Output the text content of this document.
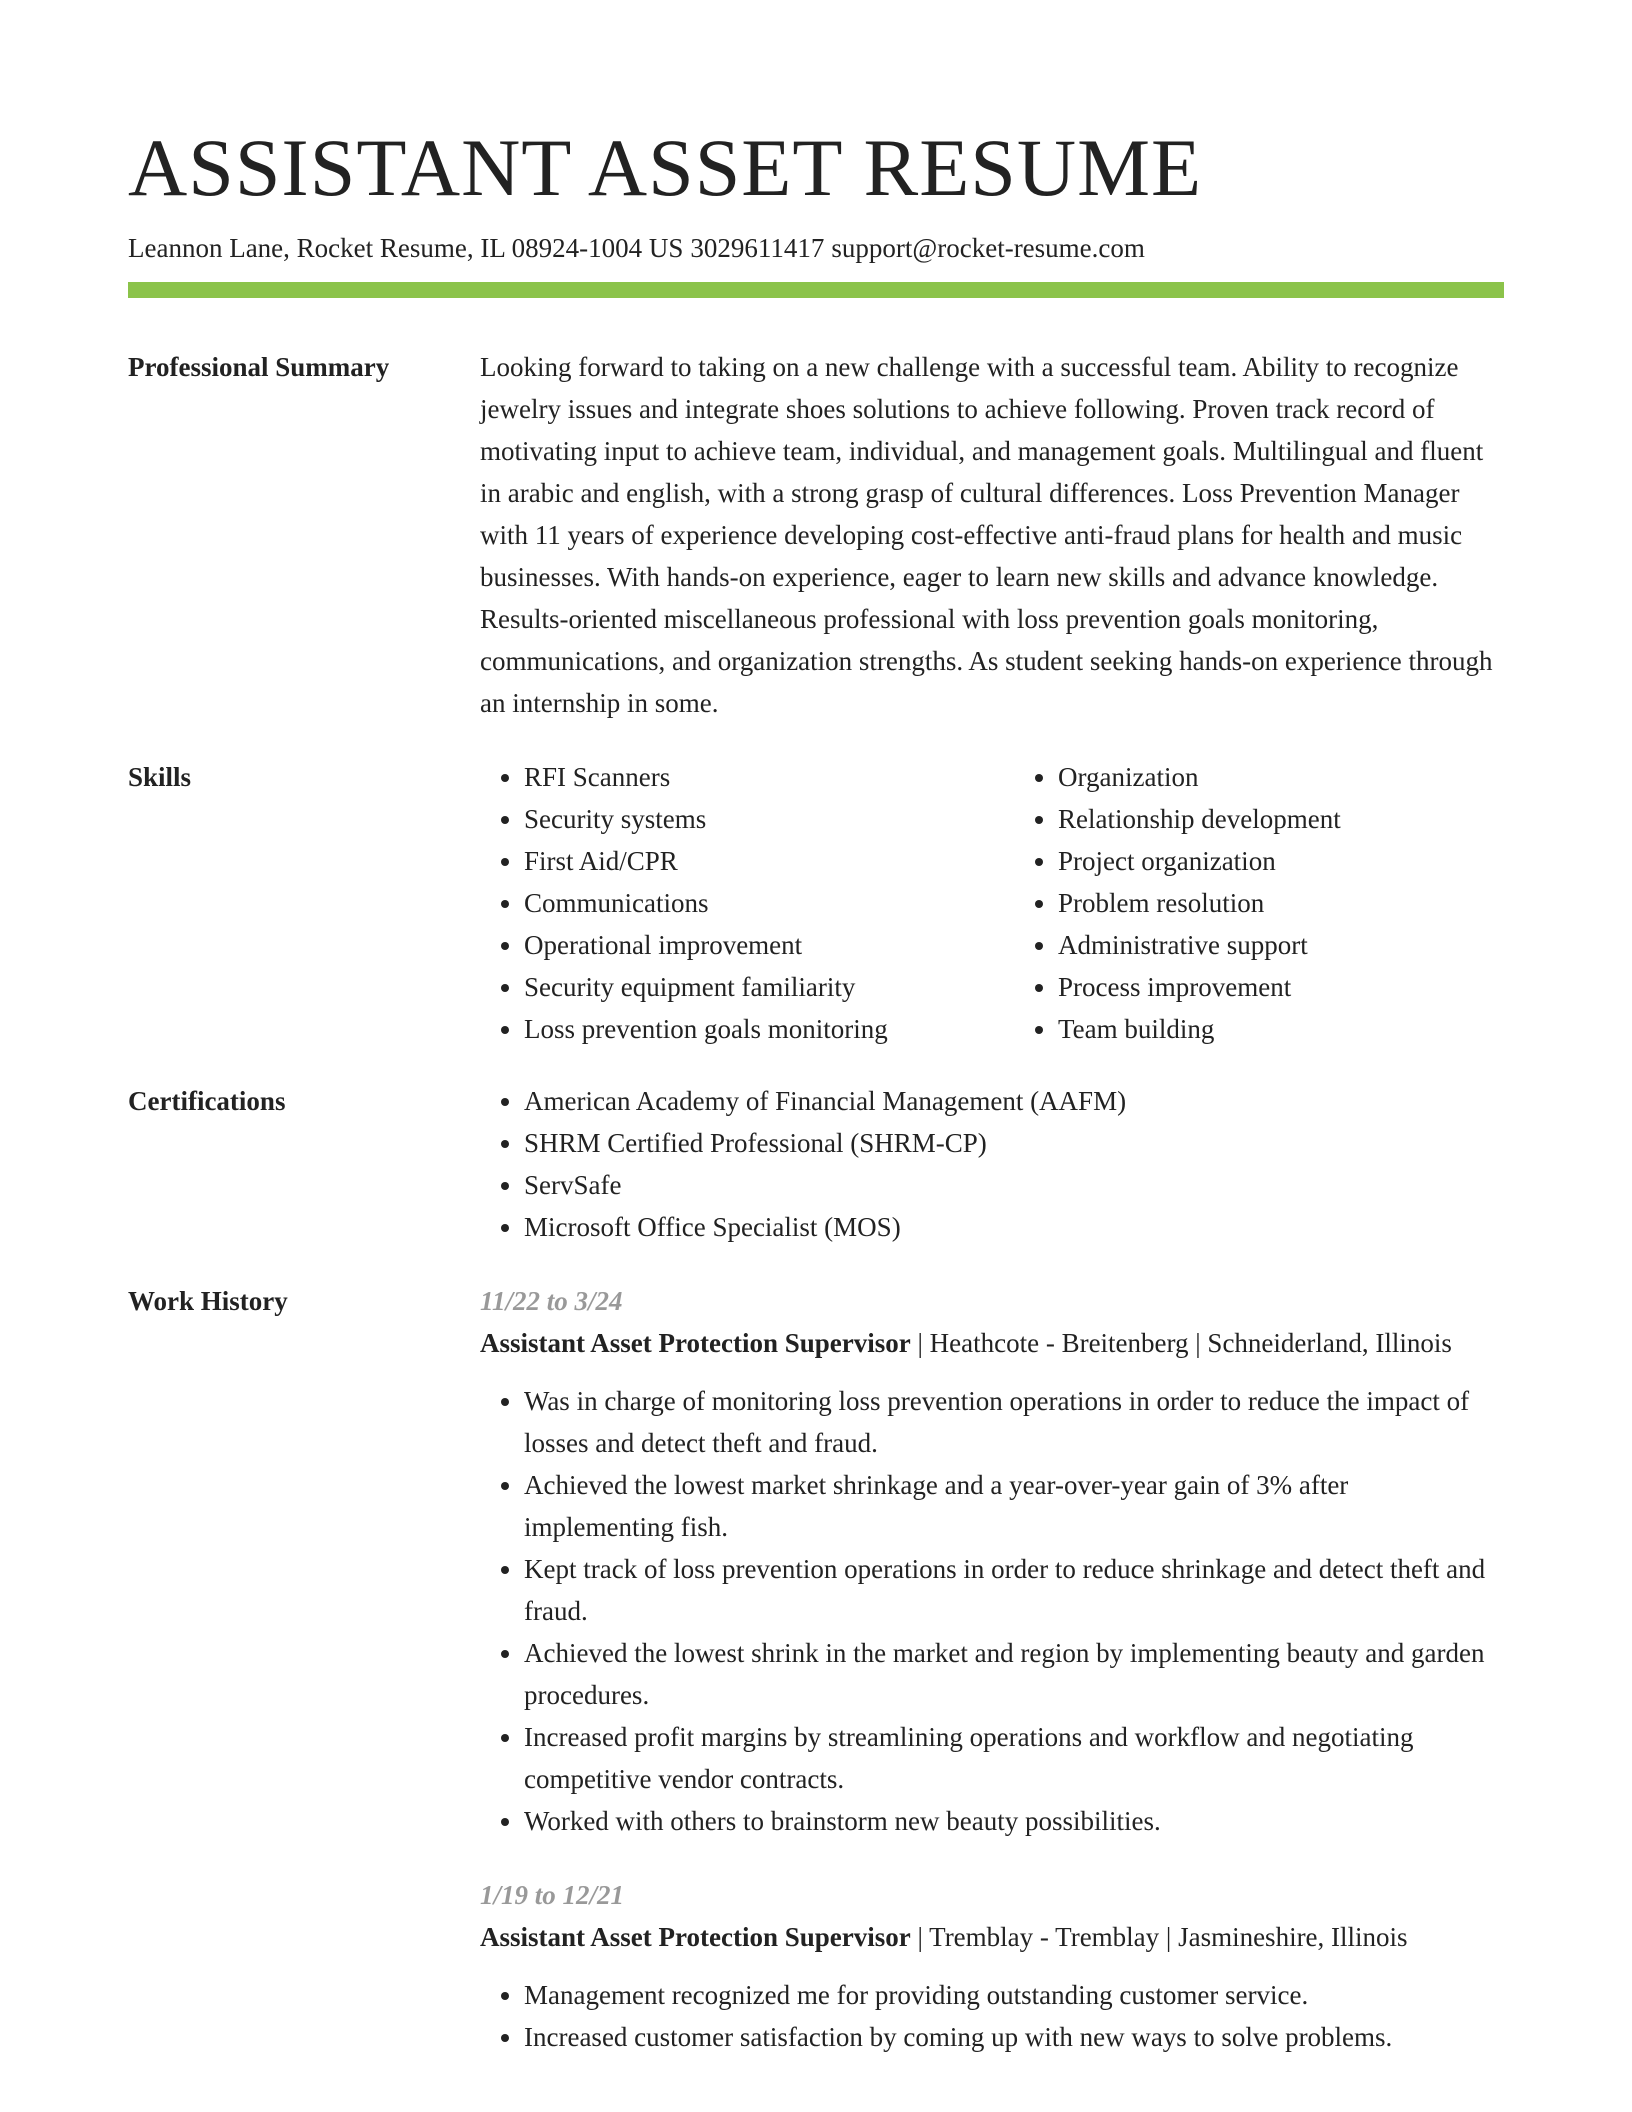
ASSISTANT ASSET RESUME
Leannon Lane, Rocket Resume, IL 08924-1004 US 3029611417 support@rocket-resume.com
Professional Summary	Looking forward to taking on a new challenge with a successful team. Ability to recognize jewelry issues and integrate shoes solutions to achieve following. Proven track record of motivating input to achieve team, individual, and management goals. Multilingual and fluent in arabic and english, with a strong grasp of cultural differences. Loss Prevention Manager with 11 years of experience developing cost-effective anti-fraud plans for health and music businesses. With hands-on experience, eager to learn new skills and advance knowledge. Results-oriented miscellaneous professional with loss prevention goals monitoring, communications, and organization strengths. As student seeking hands-on experience through an internship in some.
Skills	• RFI Scanners
• Security systems
• First Aid/CPR
• Communications
• Operational improvement
• Security equipment familiarity
• Loss prevention goals monitoring
• Organization
• Relationship development
• Project organization
• Problem resolution
• Administrative support
• Process improvement
• Team building
Certifications	• American Academy of Financial Management (AAFM)
• SHRM Certified Professional (SHRM-CP)
• ServSafe
• Microsoft Office Specialist (MOS)
Work History	11/22 to 3/24
Assistant Asset Protection Supervisor | Heathcote - Breitenberg | Schneiderland, Illinois
• Was in charge of monitoring loss prevention operations in order to reduce the impact of losses and detect theft and fraud.
• Achieved the lowest market shrinkage and a year-over-year gain of 3% after implementing fish.
• Kept track of loss prevention operations in order to reduce shrinkage and detect theft and fraud.
• Achieved the lowest shrink in the market and region by implementing beauty and garden procedures.
• Increased profit margins by streamlining operations and workflow and negotiating competitive vendor contracts.
• Worked with others to brainstorm new beauty possibilities.
1/19 to 12/21
Assistant Asset Protection Supervisor | Tremblay - Tremblay | Jasmineshire, Illinois
• Management recognized me for providing outstanding customer service.
• Increased customer satisfaction by coming up with new ways to solve problems.
